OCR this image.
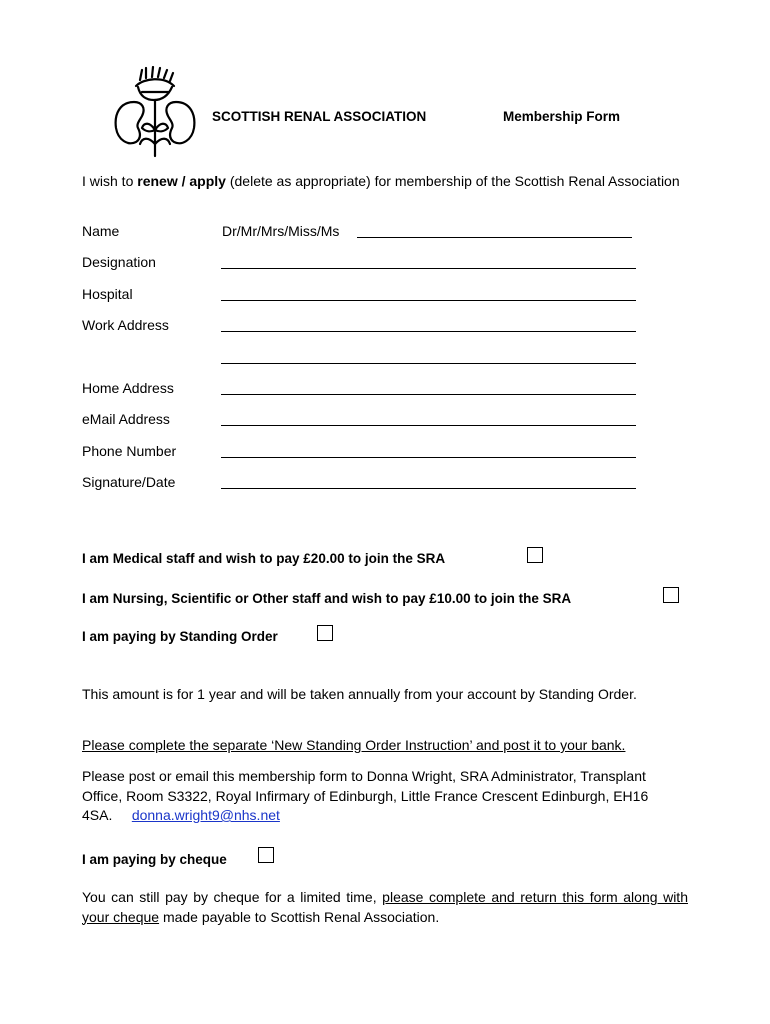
SCOTTISH RENAL ASSOCIATION	Membership Form
I wish to renew / apply (delete as appropriate) for membership of the Scottish Renal Association
Name	Dr/Mr/Mrs/Miss/Ms
Designation
Hospital
Work Address
Home Address
eMail Address
Phone Number
Signature/Date
I am Medical staff and wish to pay £20.00 to join the SRA
I am Nursing, Scientific or Other staff and wish to pay £10.00 to join the SRA
I am paying by Standing Order
This amount is for 1 year and will be taken annually from your account by Standing Order.
Please complete the separate ‘New Standing Order Instruction’ and post it to your bank.
Please post or email this membership form to Donna Wright, SRA Administrator, Transplant Office, Room S3322, Royal Infirmary of Edinburgh, Little France Crescent Edinburgh, EH16 4SA. donna.wright9@nhs.net
I am paying by cheque
You can still pay by cheque for a limited time, please complete and return this form along with your cheque made payable to Scottish Renal Association.
